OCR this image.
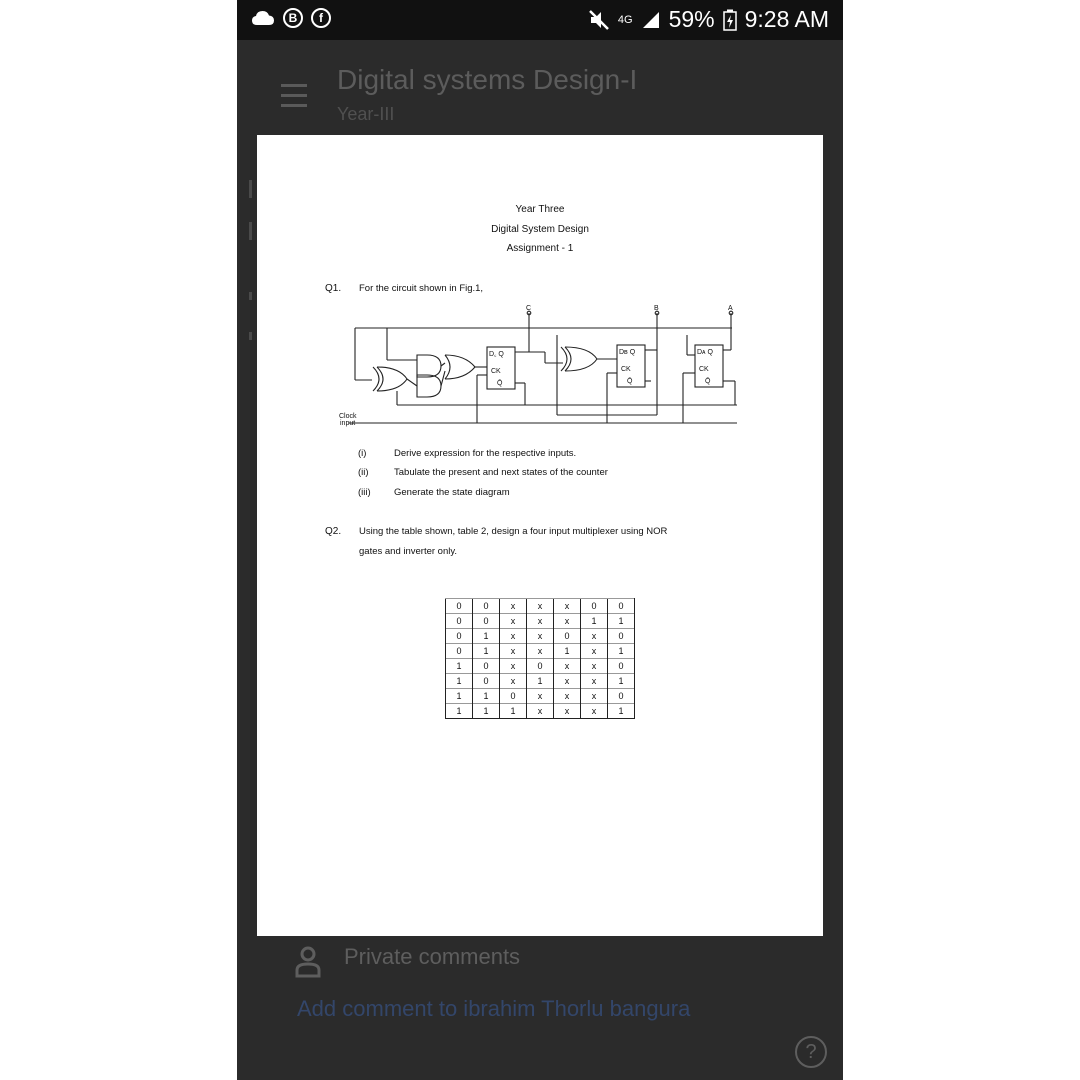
B	f	4G 59% 9:28 AM
Digital systems Design-I
Year-III
Year Three
Digital System Design
Assignment - 1
Q1. For the circuit shown in Fig.1,
Clock
input
C	B	A
D꜀ Q
CK
Q̄
Dʙ Q
CK
Q̄
Dᴀ Q
CK
Q̄
(i)	Derive expression for the respective inputs.
(ii)	Tabulate the present and next states of the counter
(iii) Generate the state diagram
Q2. Using the table shown, table 2, design a four input multiplexer using NOR
gates and inverter only.
0	0	x	x	x	0	0
0	0	x	x	x	1	1
0	1	x	x	0	x	0
0	1	x	x	1	x	1
1	0	x	0	x	x	0
1	0	x	1	x	x	1
1	1	0	x	x	x	0
1	1	1	x	x	x	1
Private comments
Add comment to ibrahim Thorlu bangura
?
